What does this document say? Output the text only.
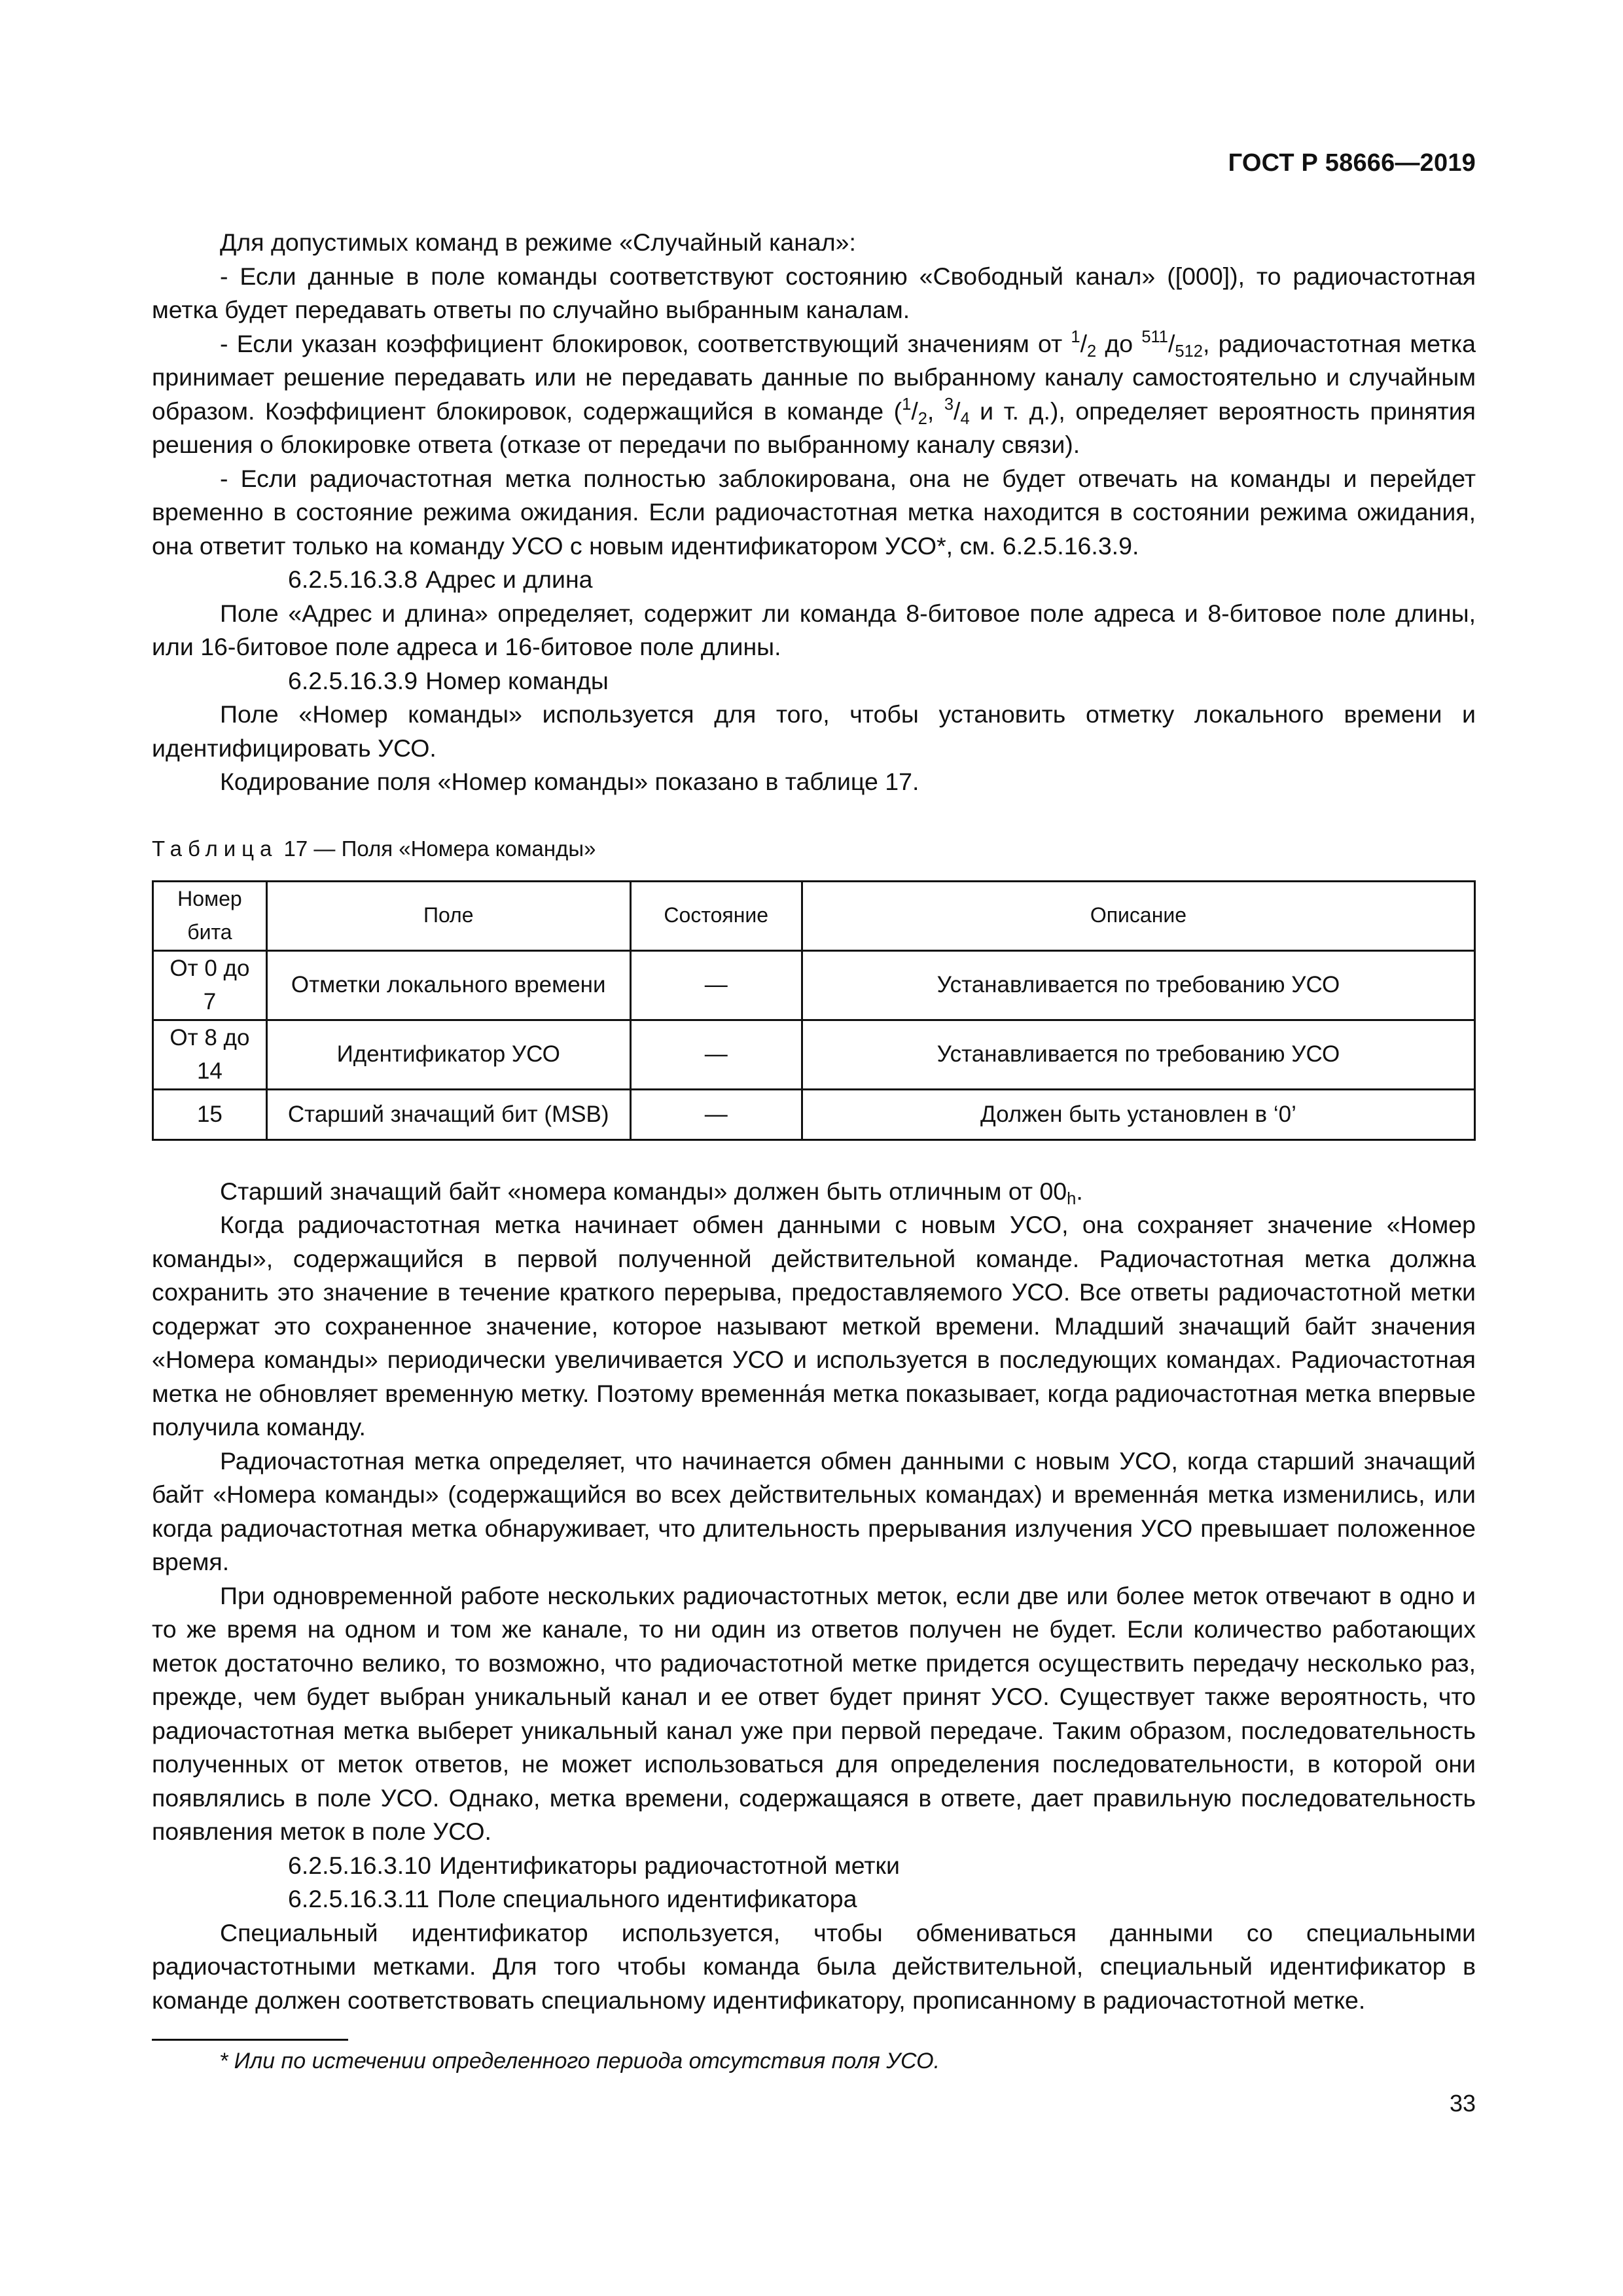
ГОСТ Р 58666—2019

Для допустимых команд в режиме «Случайный канал»:

- Если данные в поле команды соответствуют состоянию «Свободный канал» ([000]), то радиочастотная метка будет передавать ответы по случайно выбранным каналам.

- Если указан коэффициент блокировок, соответствующий значениям от $^1/_2$ до $^{511}/_{512}$, радиочастотная метка принимает решение передавать или не передавать данные по выбранному каналу самостоятельно и случайным образом. Коэффициент блокировок, содержащийся в команде ($^1/_2$, $^3/_4$ и т. д.), определяет вероятность принятия решения о блокировке ответа (отказе от передачи по выбранному каналу связи).

- Если радиочастотная метка полностью заблокирована, она не будет отвечать на команды и перейдет временно в состояние режима ожидания. Если радиочастотная метка находится в состоянии режима ожидания, она ответит только на команду УСО с новым идентификатором УСО*, см. 6.2.5.16.3.9.

6.2.5.16.3.8 Адрес и длина

Поле «Адрес и длина» определяет, содержит ли команда 8-битовое поле адреса и 8-битовое поле длины, или 16-битовое поле адреса и 16-битовое поле длины.

6.2.5.16.3.9 Номер команды

Поле «Номер команды» используется для того, чтобы установить отметку локального времени и идентифицировать УСО.

Кодирование поля «Номер команды» показано в таблице 17.

Таблица 17 — Поля «Номера команды»
Номер бита	Поле	Состояние	Описание
От 0 до 7	Отметки локального времени	—	Устанавливается по требованию УСО
От 8 до 14	Идентификатор УСО	—	Устанавливается по требованию УСО
15	Старший значащий бит (MSB)	—	Должен быть установлен в ‘0’

Старший значащий байт «номера команды» должен быть отличным от $00_h$.

Когда радиочастотная метка начинает обмен данными с новым УСО, она сохраняет значение «Номер команды», содержащийся в первой полученной действительной команде. Радиочастотная метка должна сохранить это значение в течение краткого перерыва, предоставляемого УСО. Все ответы радиочастотной метки содержат это сохраненное значение, которое называют меткой времени. Младший значащий байт значения «Номера команды» периодически увеличивается УСО и используется в последующих командах. Радиочастотная метка не обновляет временную метку. Поэтому временна́я метка показывает, когда радиочастотная метка впервые получила команду.

Радиочастотная метка определяет, что начинается обмен данными с новым УСО, когда старший значащий байт «Номера команды» (содержащийся во всех действительных командах) и временна́я метка изменились, или когда радиочастотная метка обнаруживает, что длительность прерывания излучения УСО превышает положенное время.

При одновременной работе нескольких радиочастотных меток, если две или более меток отвечают в одно и то же время на одном и том же канале, то ни один из ответов получен не будет. Если количество работающих меток достаточно велико, то возможно, что радиочастотной метке придется осуществить передачу несколько раз, прежде, чем будет выбран уникальный канал и ее ответ будет принят УСО. Существует также вероятность, что радиочастотная метка выберет уникальный канал уже при первой передаче. Таким образом, последовательность полученных от меток ответов, не может использоваться для определения последовательности, в которой они появлялись в поле УСО. Однако, метка времени, содержащаяся в ответе, дает правильную последовательность появления меток в поле УСО.

6.2.5.16.3.10 Идентификаторы радиочастотной метки

6.2.5.16.3.11 Поле специального идентификатора

Специальный идентификатор используется, чтобы обмениваться данными со специальными радиочастотными метками. Для того чтобы команда была действительной, специальный идентификатор в команде должен соответствовать специальному идентификатору, прописанному в радиочастотной метке.

* Или по истечении определенного периода отсутствия поля УСО.
33
